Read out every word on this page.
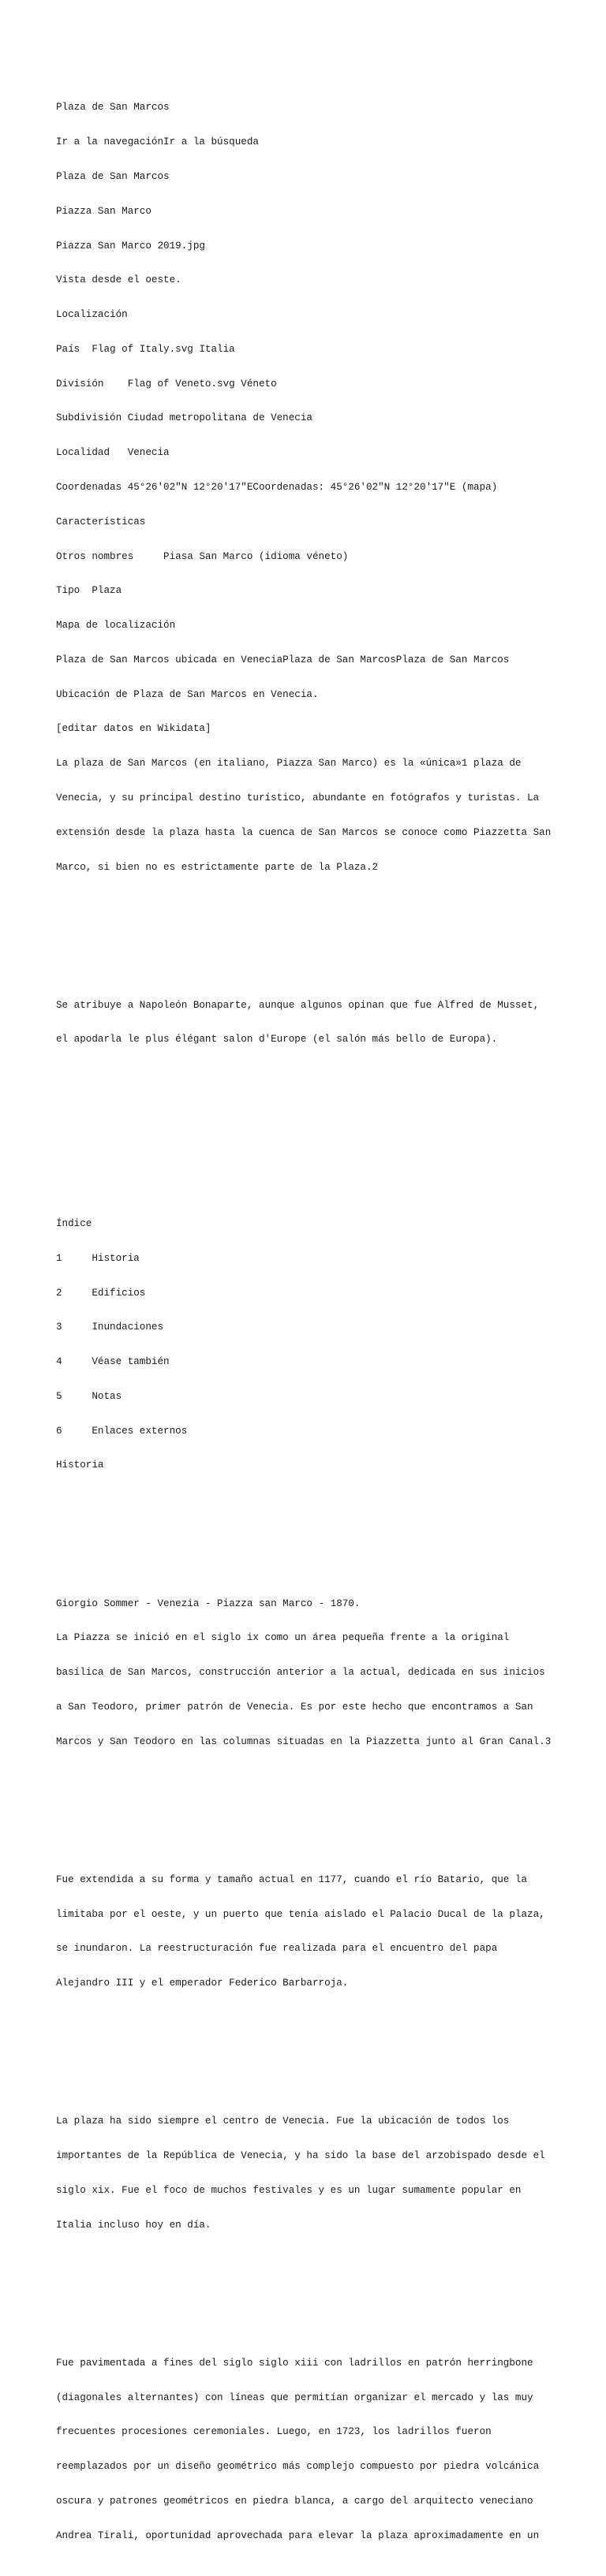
Plaza de San Marcos

Ir a la navegaciónIr a la búsqueda

Plaza de San Marcos

Piazza San Marco

Piazza San Marco 2019.jpg

Vista desde el oeste.

Localización

País  Flag of Italy.svg Italia

División    Flag of Veneto.svg Véneto

Subdivisión Ciudad metropolitana de Venecia

Localidad   Venecia

Coordenadas 45°26′02″N 12°20′17″ECoordenadas: 45°26′02″N 12°20′17″E (mapa)

Características

Otros nombres     Piasa San Marco (idioma véneto)

Tipo  Plaza

Mapa de localización

Plaza de San Marcos ubicada en VeneciaPlaza de San MarcosPlaza de San Marcos

Ubicación de Plaza de San Marcos en Venecia.

[editar datos en Wikidata]

La plaza de San Marcos (en italiano, Piazza San Marco) es la «única»1 plaza de

Venecia, y su principal destino turístico, abundante en fotógrafos y turistas. La

extensión desde la plaza hasta la cuenca de San Marcos se conoce como Piazzetta San

Marco, si bien no es estrictamente parte de la Plaza.2

Se atribuye a Napoleón Bonaparte, aunque algunos opinan que fue Alfred de Musset,

el apodarla le plus élégant salon d'Europe (el salón más bello de Europa).

Índice

1     Historia

2     Edificios

3     Inundaciones

4     Véase también

5     Notas

6     Enlaces externos

Historia

Giorgio Sommer - Venezia - Piazza san Marco - 1870.

La Piazza se inició en el siglo ix como un área pequeña frente a la original

basílica de San Marcos, construcción anterior a la actual, dedicada en sus inicios

a San Teodoro, primer patrón de Venecia. Es por este hecho que encontramos a San

Marcos y San Teodoro en las columnas situadas en la Piazzetta junto al Gran Canal.3

Fue extendida a su forma y tamaño actual en 1177, cuando el río Batario, que la

limitaba por el oeste, y un puerto que tenía aislado el Palacio Ducal de la plaza,

se inundaron. La reestructuración fue realizada para el encuentro del papa

Alejandro III y el emperador Federico Barbarroja.

La plaza ha sido siempre el centro de Venecia. Fue la ubicación de todos los

importantes de la República de Venecia, y ha sido la base del arzobispado desde el

siglo xix. Fue el foco de muchos festivales y es un lugar sumamente popular en

Italia incluso hoy en día.

Fue pavimentada a fines del siglo siglo xiii con ladrillos en patrón herringbone

(diagonales alternantes) con líneas que permitían organizar el mercado y las muy

frecuentes procesiones ceremoniales. Luego, en 1723, los ladrillos fueron

reemplazados por un diseño geométrico más complejo compuesto por piedra volcánica

oscura y patrones geométricos en piedra blanca, a cargo del arquitecto veneciano

Andrea Tirali, oportunidad aprovechada para elevar la plaza aproximadamente en un
